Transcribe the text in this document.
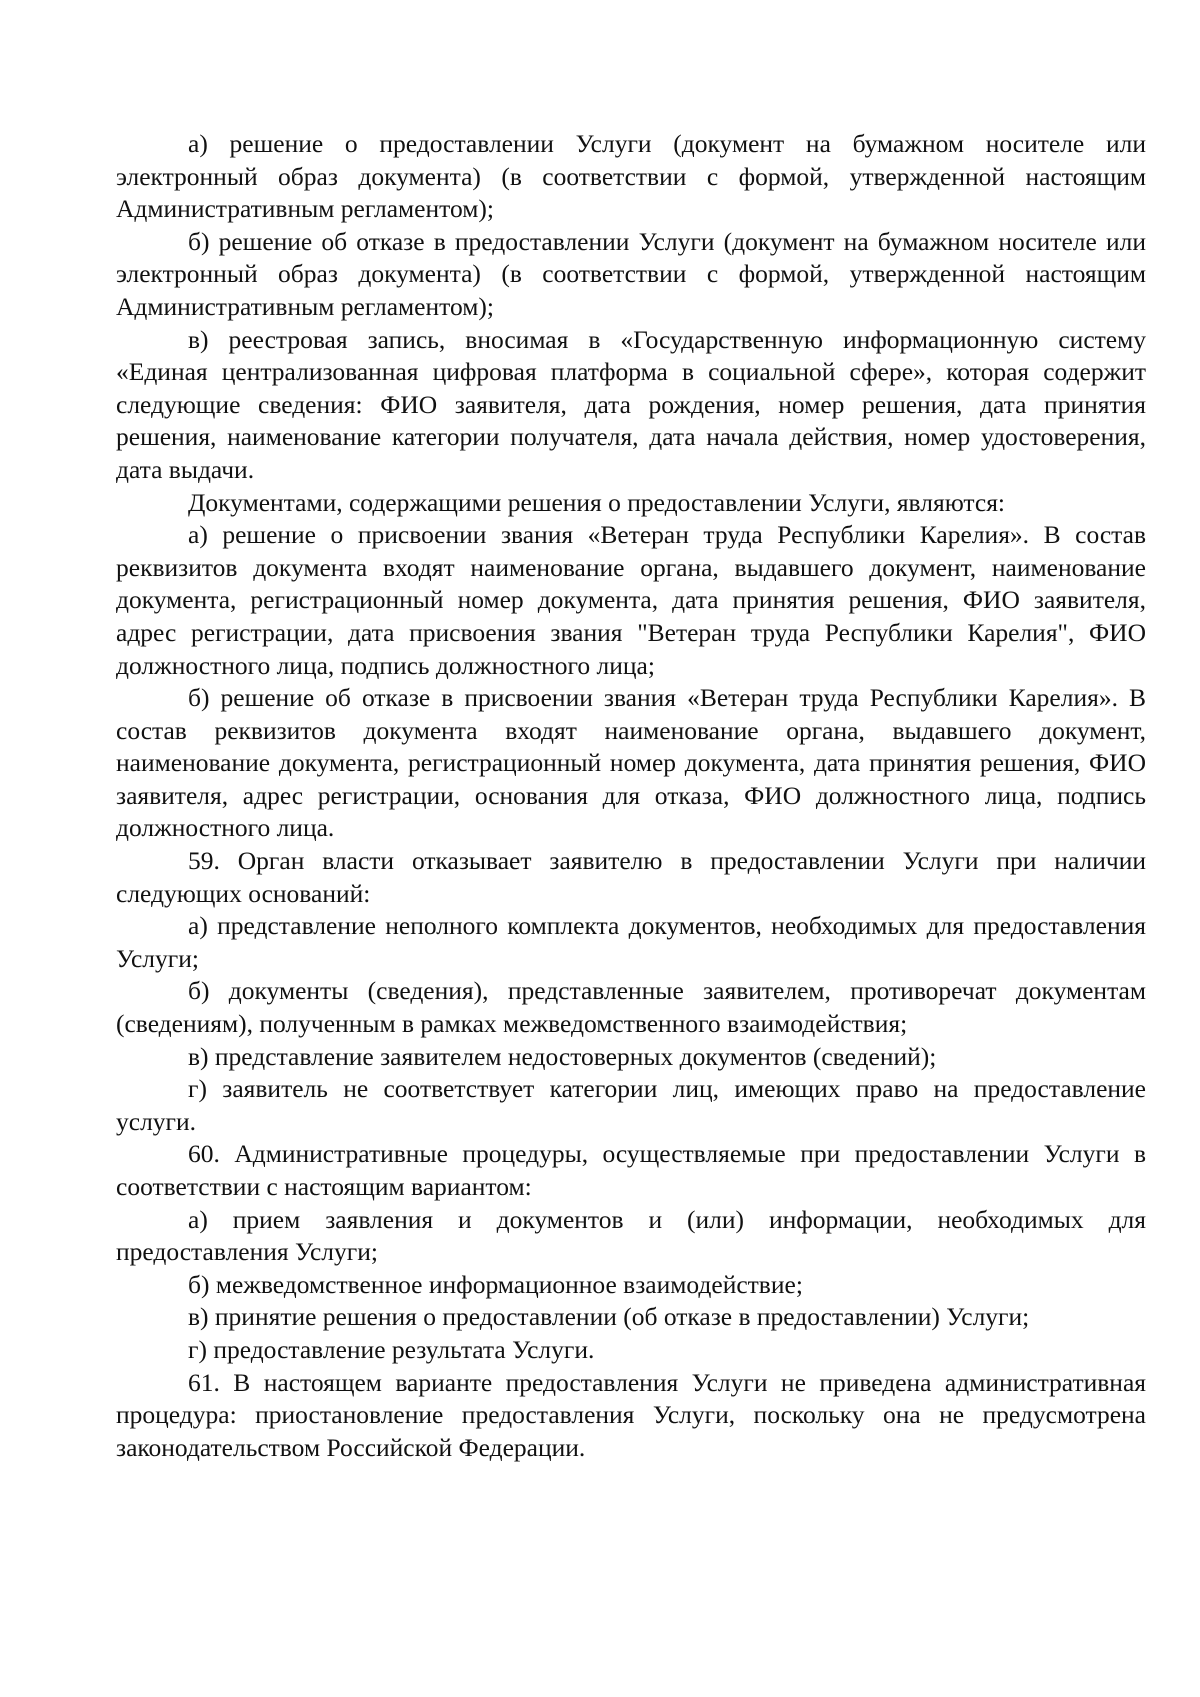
а) решение о предоставлении Услуги (документ на бумажном носителе или электронный образ документа) (в соответствии с формой, утвержденной настоящим Административным регламентом);

б) решение об отказе в предоставлении Услуги (документ на бумажном носителе или электронный образ документа) (в соответствии с формой, утвержденной настоящим Административным регламентом);

в) реестровая запись, вносимая в «Государственную информационную систему «Единая централизованная цифровая платформа в социальной сфере», которая содержит следующие сведения: ФИО заявителя, дата рождения, номер решения, дата принятия решения, наименование категории получателя, дата начала действия, номер удостоверения, дата выдачи.

Документами, содержащими решения о предоставлении Услуги, являются:

а) решение о присвоении звания «Ветеран труда Республики Карелия». В состав реквизитов документа входят наименование органа, выдавшего документ, наименование документа, регистрационный номер документа, дата принятия решения, ФИО заявителя, адрес регистрации, дата присвоения звания "Ветеран труда Республики Карелия", ФИО должностного лица, подпись должностного лица;

б) решение об отказе в присвоении звания «Ветеран труда Республики Карелия». В состав реквизитов документа входят наименование органа, выдавшего документ, наименование документа, регистрационный номер документа, дата принятия решения, ФИО заявителя, адрес регистрации, основания для отказа, ФИО должностного лица, подпись должностного лица.

59. Орган власти отказывает заявителю в предоставлении Услуги при наличии следующих оснований:

а) представление неполного комплекта документов, необходимых для предоставления Услуги;

б) документы (сведения), представленные заявителем, противоречат документам (сведениям), полученным в рамках межведомственного взаимодействия;

в) представление заявителем недостоверных документов (сведений);

г) заявитель не соответствует категории лиц, имеющих право на предоставление услуги.

60. Административные процедуры, осуществляемые при предоставлении Услуги в соответствии с настоящим вариантом:

а) прием заявления и документов и (или) информации, необходимых для предоставления Услуги;

б) межведомственное информационное взаимодействие;

в) принятие решения о предоставлении (об отказе в предоставлении) Услуги;

г) предоставление результата Услуги.

61. В настоящем варианте предоставления Услуги не приведена административная процедура: приостановление предоставления Услуги, поскольку она не предусмотрена законодательством Российской Федерации.
